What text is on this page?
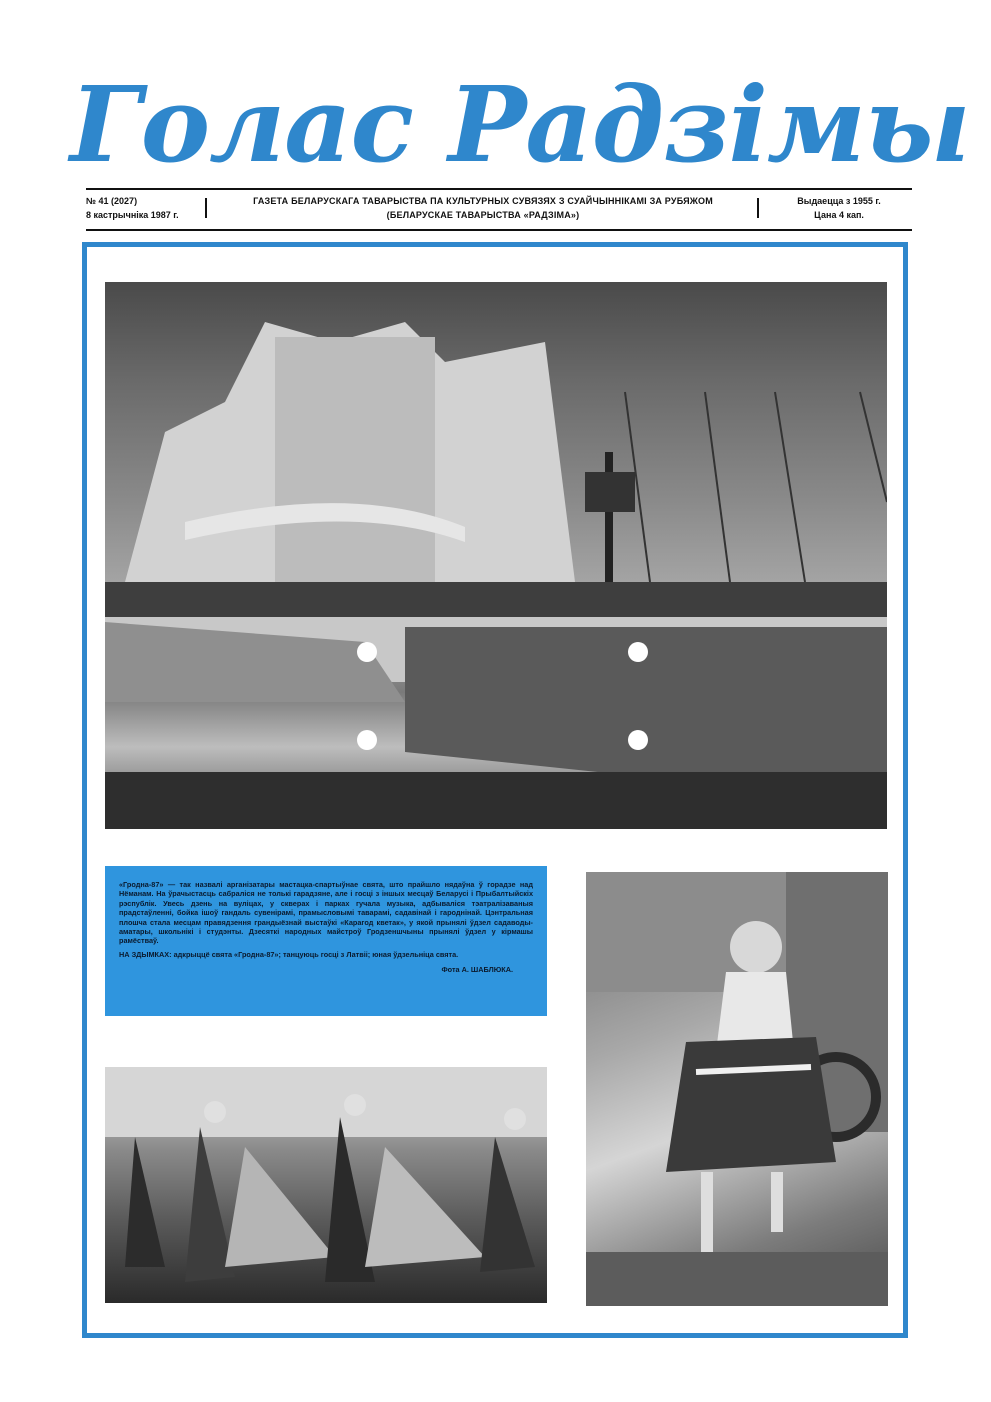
Голас Радзімы
№ 41 (2027)
8 кастрычніка 1987 г.
ГАЗЕТА БЕЛАРУСКАГА ТАВАРЫСТВА ПА КУЛЬТУРНЫХ СУВЯЗЯХ З СУАЙЧЫННІКАМІ ЗА РУБЯЖОМ
(БЕЛАРУСКАЕ ТАВАРЫСТВА «РАДЗІМА»)
Выдаецца з 1955 г.
Цана 4 кап.

«Гродна-87» — так назвалі арганізатары мастацка-спартыўнае свята, што прайшло нядаўна ў горадзе над Нёманам. На ўрачыстасць сабраліся не толькі гарадзяне, але і госці з іншых месцаў Беларусі і Прыбалтыйскіх рэспублік. Увесь дзень на вуліцах, у скверах і парках гучала музыка, адбываліся тэатралізаваныя прадстаўленні, бойка ішоў гандаль сувенірамі, прамысловымі таварамі, садавінай і гароднінай. Цэнтральная плошча стала месцам правядзення грандыёзнай выстаўкі «Карагод кветак», у якой прынялі ўдзел садаводы-аматары, школьнікі і студэнты. Дзесяткі народных майстроў Гродзеншчыны прынялі ўдзел у кірмашы рамёстваў.

НА ЗДЫМКАХ: адкрыццё свята «Гродна-87»; танцуюць госці з Латвіі; юная ўдзельніца свята.

Фота А. ШАБЛЮКА.
